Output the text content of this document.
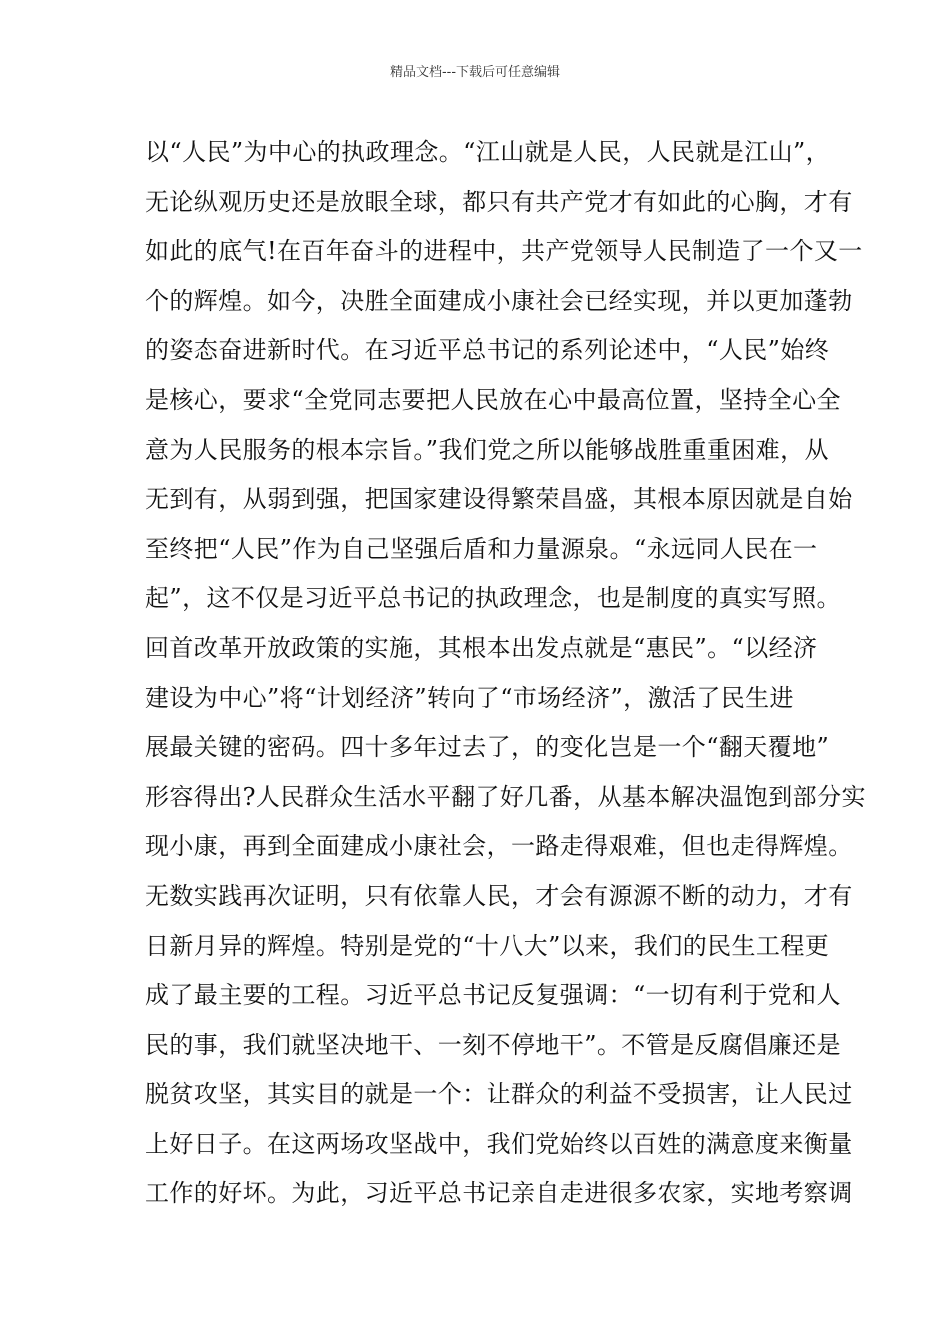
精品文档---下载后可任意编辑
以“人民”为中心的执政理念。“江山就是人民，人民就是江山”，
无论纵观历史还是放眼全球，都只有共产党才有如此的心胸，才有
如此的底气!在百年奋斗的进程中，共产党领导人民制造了一个又一
个的辉煌。如今，决胜全面建成小康社会已经实现，并以更加蓬勃
的姿态奋进新时代。在习近平总书记的系列论述中，“人民”始终
是核心，要求“全党同志要把人民放在心中最高位置，坚持全心全
意为人民服务的根本宗旨。”我们党之所以能够战胜重重困难，从
无到有，从弱到强，把国家建设得繁荣昌盛，其根本原因就是自始
至终把“人民”作为自己坚强后盾和力量源泉。“永远同人民在一
起”，这不仅是习近平总书记的执政理念，也是制度的真实写照。
回首改革开放政策的实施，其根本出发点就是“惠民”。“以经济
建设为中心”将“计划经济”转向了“市场经济”，激活了民生进
展最关键的密码。四十多年过去了，的变化岂是一个“翻天覆地”
形容得出?人民群众生活水平翻了好几番，从基本解决温饱到部分实
现小康，再到全面建成小康社会，一路走得艰难，但也走得辉煌。
无数实践再次证明，只有依靠人民，才会有源源不断的动力，才有
日新月异的辉煌。特别是党的“十八大”以来，我们的民生工程更
成了最主要的工程。习近平总书记反复强调：“一切有利于党和人
民的事，我们就坚决地干、一刻不停地干”。不管是反腐倡廉还是
脱贫攻坚，其实目的就是一个：让群众的利益不受损害，让人民过
上好日子。在这两场攻坚战中，我们党始终以百姓的满意度来衡量
工作的好坏。为此，习近平总书记亲自走进很多农家，实地考察调
